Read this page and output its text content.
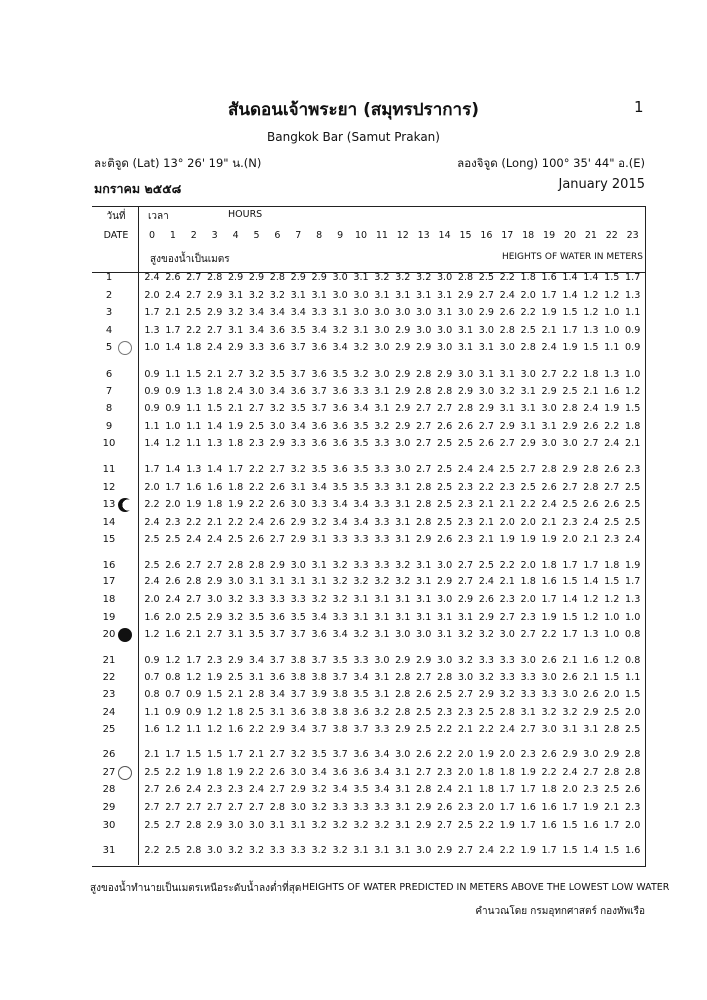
สันดอนเจ้าพระยา (สมุทรปราการ)	1
Bangkok Bar (Samut Prakan)
ละติจูด (Lat) 13° 26' 19" น.(N)	ลองจิจูด (Long) 100° 35' 44" อ.(E)
มกราคม ๒๕๕๘	January 2015
วันที่
DATE
เวลา	HOURS
สูงของน้ำเป็นเมตร	HEIGHTS OF WATER IN METERS
0	1	2	3	4	5	6	7	8	9	10 11 12 13 14 15 16 17 18 19 20 21 22 23
1	2.4 2.6 2.7 2.8 2.9 2.9 2.8 2.9 2.9 3.0 3.1 3.2 3.2 3.2 3.0 2.8 2.5 2.2 1.8 1.6 1.4 1.4 1.5 1.7
2	2.0 2.4 2.7 2.9 3.1 3.2 3.2 3.1 3.1 3.0 3.0 3.1 3.1 3.1 3.1 2.9 2.7 2.4 2.0 1.7 1.4 1.2 1.2 1.3
3	1.7 2.1 2.5 2.9 3.2 3.4 3.4 3.4 3.3 3.1 3.0 3.0 3.0 3.0 3.1 3.0 2.9 2.6 2.2 1.9 1.5 1.2 1.0 1.1
4	1.3 1.7 2.2 2.7 3.1 3.4 3.6 3.5 3.4 3.2 3.1 3.0 2.9 3.0 3.0 3.1 3.0 2.8 2.5 2.1 1.7 1.3 1.0 0.9
5	1.0 1.4 1.8 2.4 2.9 3.3 3.6 3.7 3.6 3.4 3.2 3.0 2.9 2.9 3.0 3.1 3.1 3.0 2.8 2.4 1.9 1.5 1.1 0.9
6	0.9 1.1 1.5 2.1 2.7 3.2 3.5 3.7 3.6 3.5 3.2 3.0 2.9 2.8 2.9 3.0 3.1 3.1 3.0 2.7 2.2 1.8 1.3 1.0
7	0.9 0.9 1.3 1.8 2.4 3.0 3.4 3.6 3.7 3.6 3.3 3.1 2.9 2.8 2.8 2.9 3.0 3.2 3.1 2.9 2.5 2.1 1.6 1.2
8	0.9 0.9 1.1 1.5 2.1 2.7 3.2 3.5 3.7 3.6 3.4 3.1 2.9 2.7 2.7 2.8 2.9 3.1 3.1 3.0 2.8 2.4 1.9 1.5
9	1.1 1.0 1.1 1.4 1.9 2.5 3.0 3.4 3.6 3.6 3.5 3.2 2.9 2.7 2.6 2.6 2.7 2.9 3.1 3.1 2.9 2.6 2.2 1.8
10	1.4 1.2 1.1 1.3 1.8 2.3 2.9 3.3 3.6 3.6 3.5 3.3 3.0 2.7 2.5 2.5 2.6 2.7 2.9 3.0 3.0 2.7 2.4 2.1
11	1.7 1.4 1.3 1.4 1.7 2.2 2.7 3.2 3.5 3.6 3.5 3.3 3.0 2.7 2.5 2.4 2.4 2.5 2.7 2.8 2.9 2.8 2.6 2.3
12	2.0 1.7 1.6 1.6 1.8 2.2 2.6 3.1 3.4 3.5 3.5 3.3 3.1 2.8 2.5 2.3 2.2 2.3 2.5 2.6 2.7 2.8 2.7 2.5
13	2.2 2.0 1.9 1.8 1.9 2.2 2.6 3.0 3.3 3.4 3.4 3.3 3.1 2.8 2.5 2.3 2.1 2.1 2.2 2.4 2.5 2.6 2.6 2.5
14	2.4 2.3 2.2 2.1 2.2 2.4 2.6 2.9 3.2 3.4 3.4 3.3 3.1 2.8 2.5 2.3 2.1 2.0 2.0 2.1 2.3 2.4 2.5 2.5
15	2.5 2.5 2.4 2.4 2.5 2.6 2.7 2.9 3.1 3.3 3.3 3.3 3.1 2.9 2.6 2.3 2.1 1.9 1.9 1.9 2.0 2.1 2.3 2.4
16	2.5 2.6 2.7 2.7 2.8 2.8 2.9 3.0 3.1 3.2 3.3 3.3 3.2 3.1 3.0 2.7 2.5 2.2 2.0 1.8 1.7 1.7 1.8 1.9
17	2.4 2.6 2.8 2.9 3.0 3.1 3.1 3.1 3.1 3.2 3.2 3.2 3.2 3.1 2.9 2.7 2.4 2.1 1.8 1.6 1.5 1.4 1.5 1.7
18	2.0 2.4 2.7 3.0 3.2 3.3 3.3 3.3 3.2 3.2 3.1 3.1 3.1 3.1 3.0 2.9 2.6 2.3 2.0 1.7 1.4 1.2 1.2 1.3
19	1.6 2.0 2.5 2.9 3.2 3.5 3.6 3.5 3.4 3.3 3.1 3.1 3.1 3.1 3.1 3.1 2.9 2.7 2.3 1.9 1.5 1.2 1.0 1.0
20	1.2 1.6 2.1 2.7 3.1 3.5 3.7 3.7 3.6 3.4 3.2 3.1 3.0 3.0 3.1 3.2 3.2 3.0 2.7 2.2 1.7 1.3 1.0 0.8
21	0.9 1.2 1.7 2.3 2.9 3.4 3.7 3.8 3.7 3.5 3.3 3.0 2.9 2.9 3.0 3.2 3.3 3.3 3.0 2.6 2.1 1.6 1.2 0.8
22	0.7 0.8 1.2 1.9 2.5 3.1 3.6 3.8 3.8 3.7 3.4 3.1 2.8 2.7 2.8 3.0 3.2 3.3 3.3 3.0 2.6 2.1 1.5 1.1
23	0.8 0.7 0.9 1.5 2.1 2.8 3.4 3.7 3.9 3.8 3.5 3.1 2.8 2.6 2.5 2.7 2.9 3.2 3.3 3.3 3.0 2.6 2.0 1.5
24	1.1 0.9 0.9 1.2 1.8 2.5 3.1 3.6 3.8 3.8 3.6 3.2 2.8 2.5 2.3 2.3 2.5 2.8 3.1 3.2 3.2 2.9 2.5 2.0
25	1.6 1.2 1.1 1.2 1.6 2.2 2.9 3.4 3.7 3.8 3.7 3.3 2.9 2.5 2.2 2.1 2.2 2.4 2.7 3.0 3.1 3.1 2.8 2.5
26	2.1 1.7 1.5 1.5 1.7 2.1 2.7 3.2 3.5 3.7 3.6 3.4 3.0 2.6 2.2 2.0 1.9 2.0 2.3 2.6 2.9 3.0 2.9 2.8
27	2.5 2.2 1.9 1.8 1.9 2.2 2.6 3.0 3.4 3.6 3.6 3.4 3.1 2.7 2.3 2.0 1.8 1.8 1.9 2.2 2.4 2.7 2.8 2.8
28	2.7 2.6 2.4 2.3 2.3 2.4 2.7 2.9 3.2 3.4 3.5 3.4 3.1 2.8 2.4 2.1 1.8 1.7 1.7 1.8 2.0 2.3 2.5 2.6
29	2.7 2.7 2.7 2.7 2.7 2.7 2.8 3.0 3.2 3.3 3.3 3.3 3.1 2.9 2.6 2.3 2.0 1.7 1.6 1.6 1.7 1.9 2.1 2.3
30	2.5 2.7 2.8 2.9 3.0 3.0 3.1 3.1 3.2 3.2 3.2 3.2 3.1 2.9 2.7 2.5 2.2 1.9 1.7 1.6 1.5 1.6 1.7 2.0
31	2.2 2.5 2.8 3.0 3.2 3.2 3.3 3.3 3.2 3.2 3.1 3.1 3.1 3.0 2.9 2.7 2.4 2.2 1.9 1.7 1.5 1.4 1.5 1.6
สูงของน้ำทำนายเป็นเมตรเหนือระดับน้ำลงต่ำที่สุด HEIGHTS OF WATER PREDICTED IN METERS ABOVE THE LOWEST LOW WATER
คำนวณโดย กรมอุทกศาสตร์ กองทัพเรือ
